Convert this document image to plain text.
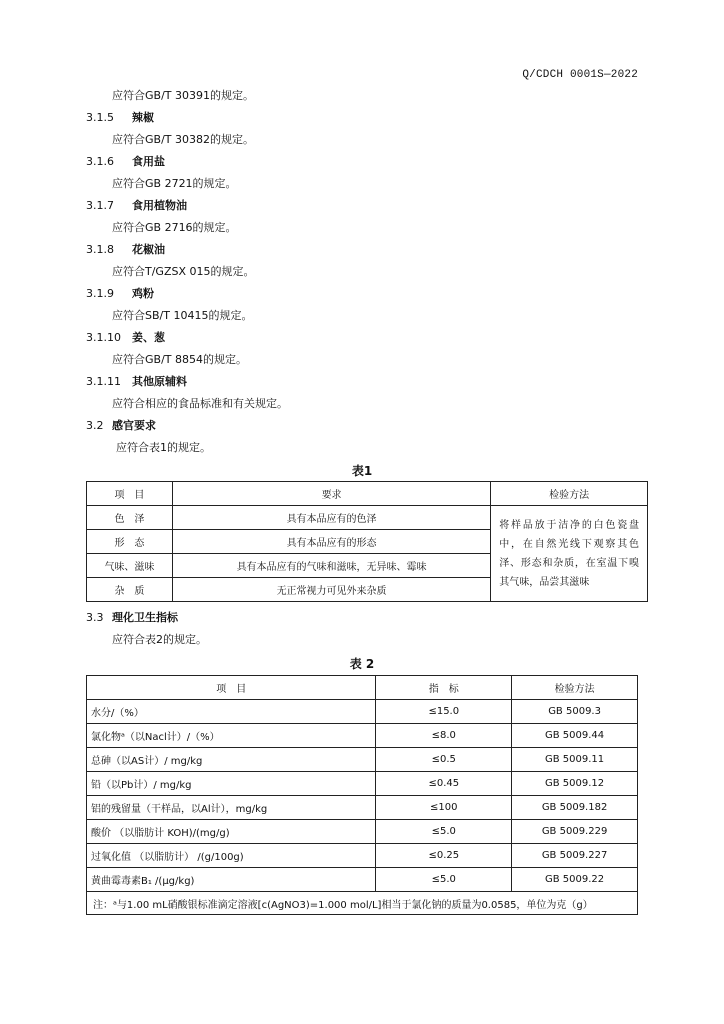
Q/CDCH 0001S—2022
应符合GB/T 30391的规定。
3.1.5 辣椒
应符合GB/T 30382的规定。
3.1.6 食用盐
应符合GB 2721的规定。
3.1.7 食用植物油
应符合GB 2716的规定。
3.1.8 花椒油
应符合T/GZSX 015的规定。
3.1.9 鸡粉
应符合SB/T 10415的规定。
3.1.10 姜、葱
应符合GB/T 8854的规定。
3.1.11 其他原辅料
应符合相应的食品标准和有关规定。
3.2 感官要求
应符合表1的规定。
表1
项　目	要求	检验方法
色　泽	具有本品应有的色泽	将样品放于洁净的白色瓷盘中，在自然光线下观察其色泽、形态和杂质，在室温下嗅其气味，品尝其滋味
形　态	具有本品应有的形态	
气味、滋味	具有本品应有的气味和滋味，无异味、霉味	
杂　质	无正常视力可见外来杂质	
3.3 理化卫生指标
应符合表2的规定。
表 2
项　目	指　标	检验方法
水分/（%）	≤15.0	GB 5009.3
氯化物ᵃ（以Nacl计）/（%）	≤8.0	GB 5009.44
总砷（以AS计）/ mg/kg	≤0.5	GB 5009.11
铅（以Pb计）/ mg/kg	≤0.45	GB 5009.12
铝的残留量（干样品，以Al计），mg/kg	≤100	GB 5009.182
酸价 （以脂肪计 KOH)/(mg/g)	≤5.0	GB 5009.229
过氧化值 （以脂肪计） /(g/100g)	≤0.25	GB 5009.227
黄曲霉毒素B₁ /(μg/kg)	≤5.0	GB 5009.22
注：ᵃ与1.00 mL硝酸银标准滴定溶液[c(AgNO3)=1.000 mol/L]相当于氯化钠的质量为0.0585，单位为克（g）		
